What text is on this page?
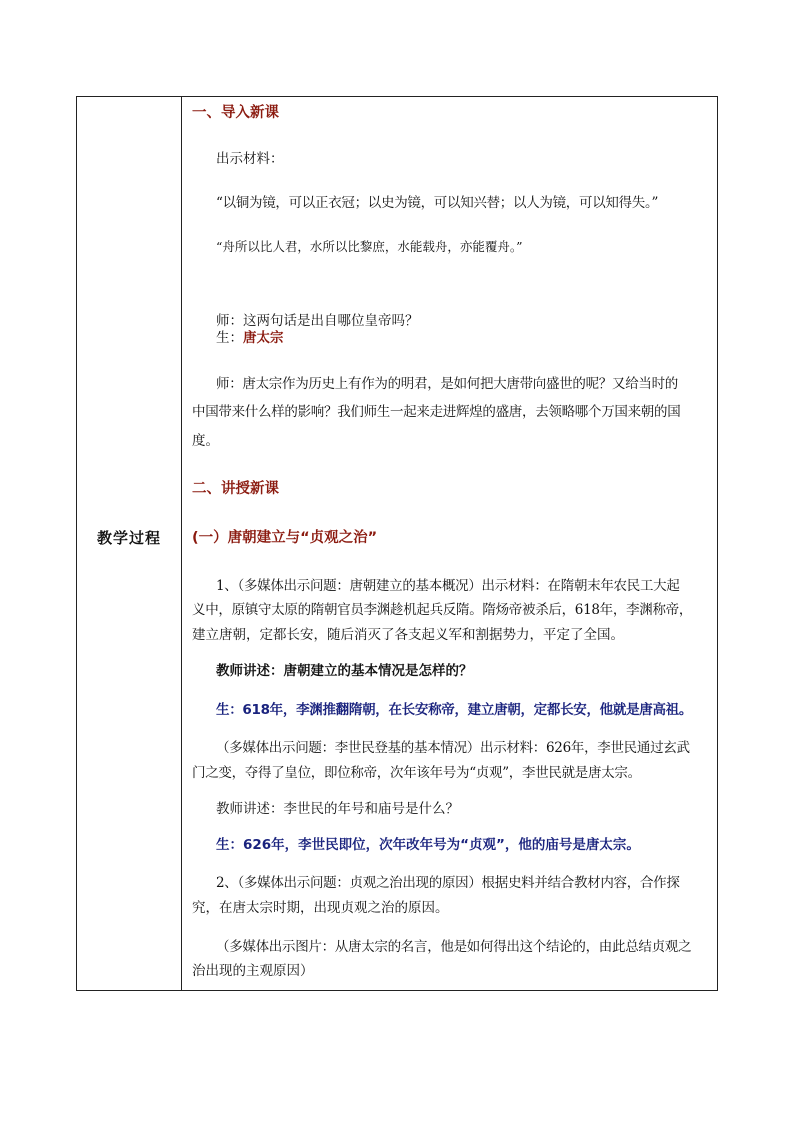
教学过程
一、导入新课
出示材料：
“以铜为镜，可以正衣冠；以史为镜，可以知兴替；以人为镜，可以知得失。”
“舟所以比人君，水所以比黎庶，水能载舟，亦能覆舟。”
师：这两句话是出自哪位皇帝吗？
生：唐太宗
师：唐太宗作为历史上有作为的明君，是如何把大唐带向盛世的呢？又给当时的
中国带来什么样的影响？我们师生一起来走进辉煌的盛唐，去领略哪个万国来朝的国
度。
二、讲授新课
(一）唐朝建立与“贞观之治”
1、（多媒体出示问题：唐朝建立的基本概况）出示材料：在隋朝末年农民工大起
义中，原镇守太原的隋朝官员李渊趁机起兵反隋。隋炀帝被杀后，618年，李渊称帝，
建立唐朝，定都长安，随后消灭了各支起义军和割据势力，平定了全国。
教师讲述：唐朝建立的基本情况是怎样的？
生：618年，李渊推翻隋朝，在长安称帝，建立唐朝，定都长安，他就是唐高祖。
（多媒体出示问题：李世民登基的基本情况）出示材料：626年，李世民通过玄武
门之变，夺得了皇位，即位称帝，次年该年号为“贞观”，李世民就是唐太宗。
教师讲述：李世民的年号和庙号是什么？
生：626年，李世民即位，次年改年号为“贞观”，他的庙号是唐太宗。
2、（多媒体出示问题：贞观之治出现的原因）根据史料并结合教材内容，合作探
究，在唐太宗时期，出现贞观之治的原因。
（多媒体出示图片：从唐太宗的名言，他是如何得出这个结论的，由此总结贞观之
治出现的主观原因）
